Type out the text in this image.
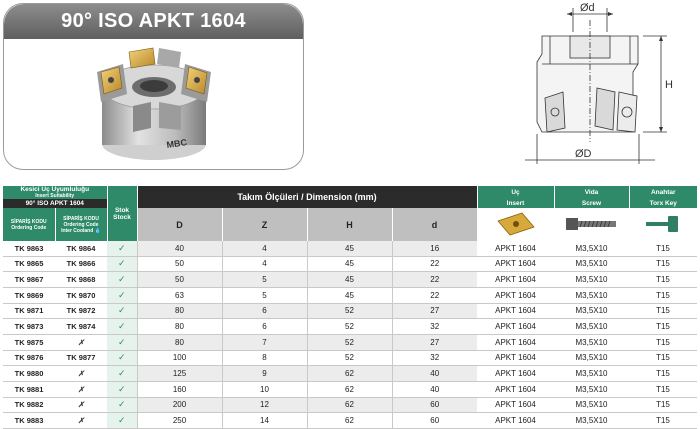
90° ISO APKT 1604
MBC
Ød
H
ØD
Kesici Uç Uyumluluğu
Insert Suitability		Stok
Stock	Takım Ölçüleri / Dimension (mm)				Uç	Vida	Anahtar

90° ISO APKT 1604							Insert	Screw	Torx Key

SİPARİŞ KODU
Ordering Code	SİPARİŞ KODU
Ordering Code
Inter Cooland 💧		D	Z	H	d			
TK 9863	TK 9864	✓	40	4	45	16	APKT 1604	M3,5X10	T15
TK 9865	TK 9866	✓	50	4	45	22	APKT 1604	M3,5X10	T15
TK 9867	TK 9868	✓	50	5	45	22	APKT 1604	M3,5X10	T15
TK 9869	TK 9870	✓	63	5	45	22	APKT 1604	M3,5X10	T15
TK 9871	TK 9872	✓	80	6	52	27	APKT 1604	M3,5X10	T15
TK 9873	TK 9874	✓	80	6	52	32	APKT 1604	M3,5X10	T15
TK 9875	✗	✓	80	7	52	27	APKT 1604	M3,5X10	T15
TK 9876	TK 9877	✓	100	8	52	32	APKT 1604	M3,5X10	T15
TK 9880	✗	✓	125	9	62	40	APKT 1604	M3,5X10	T15
TK 9881	✗	✓	160	10	62	40	APKT 1604	M3,5X10	T15
TK 9882	✗	✓	200	12	62	60	APKT 1604	M3,5X10	T15
TK 9883	✗	✓	250	14	62	60	APKT 1604	M3,5X10	T15
